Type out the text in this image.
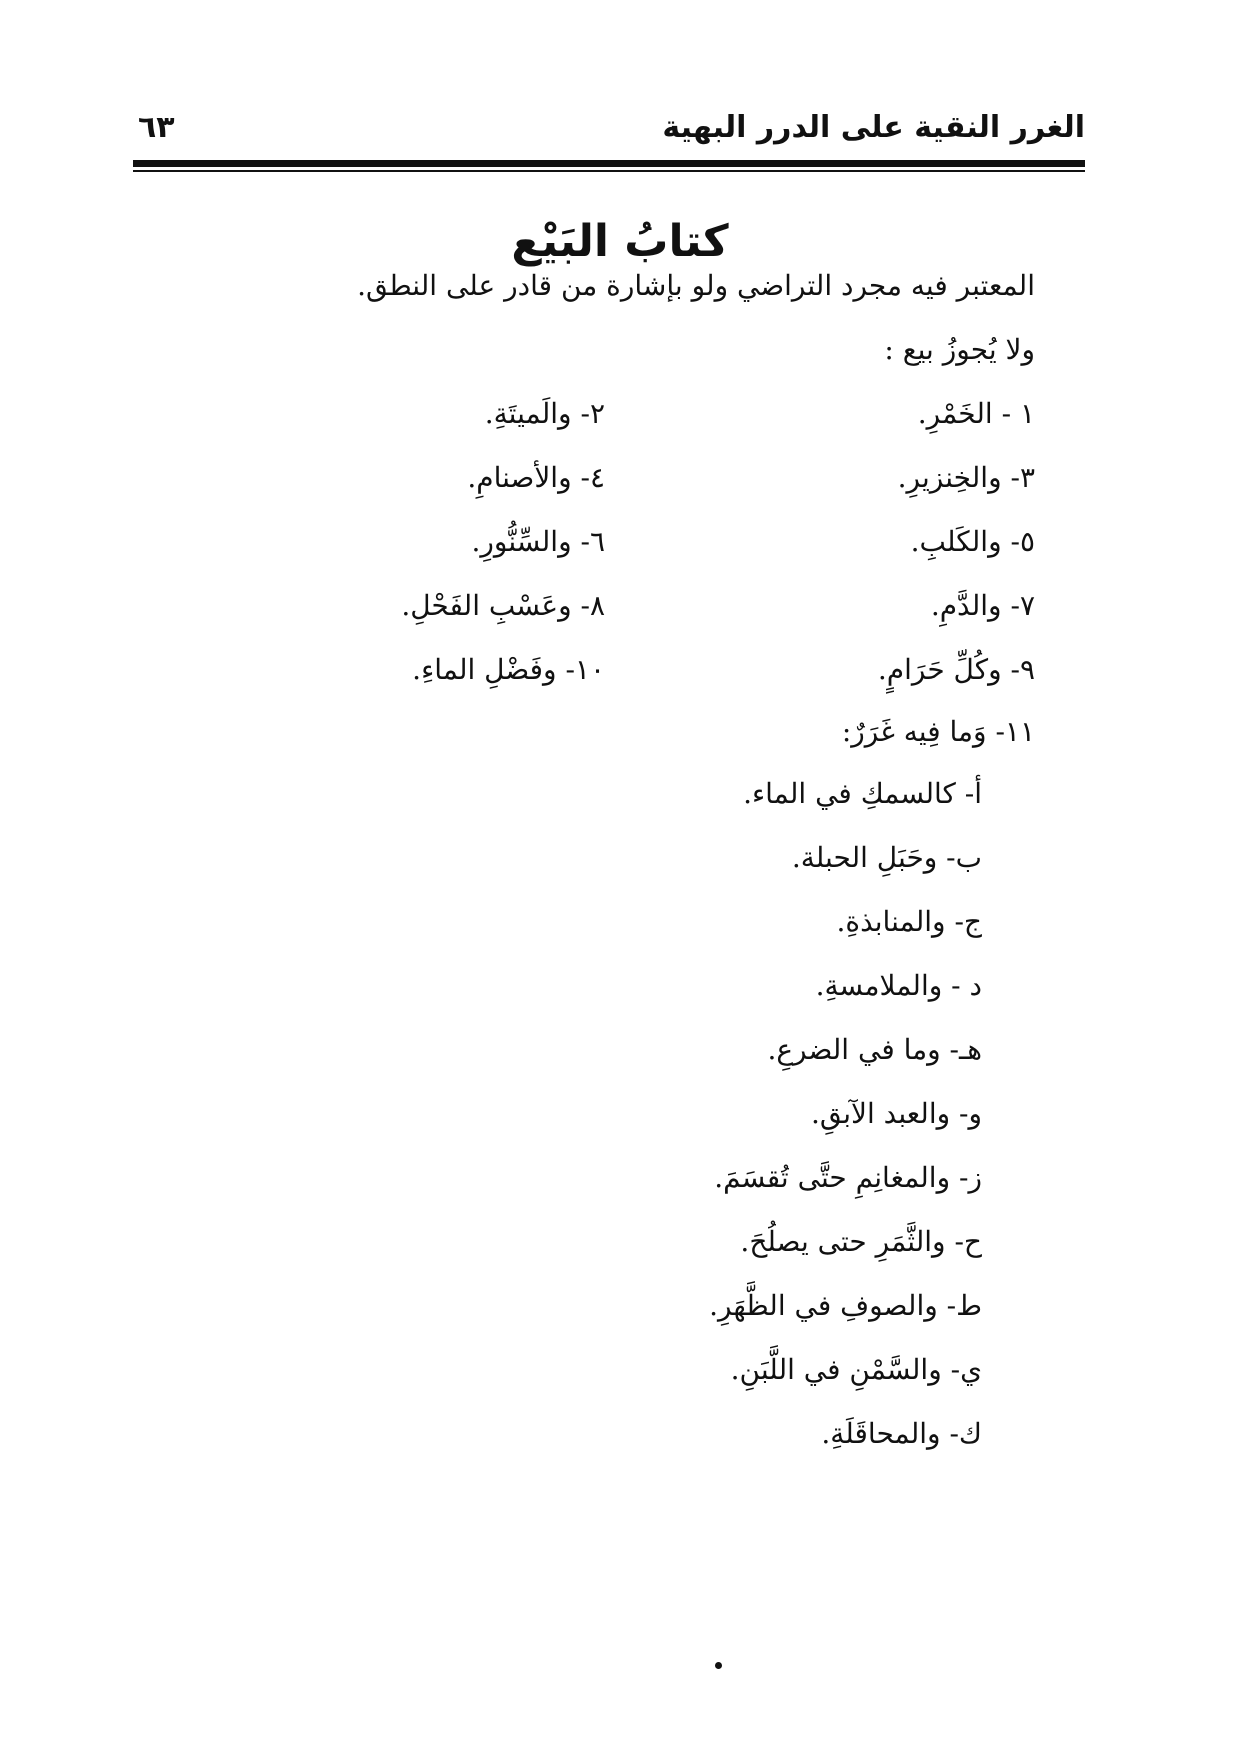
الغرر النقية على الدرر البهية
٦٣
كتابُ البَيْع
المعتبر فيه مجرد التراضي ولو بإشارة من قادر على النطق.
ولا يُجوزُ بيع :
١ - الخَمْرِ.
٢- والَميتَةِ.
٣- والخِنزيرِ.
٤- والأصنامِ.
٥- والكَلبِ.
٦- والسِّنُّورِ.
٧- والدَّمِ.
٨- وعَسْبِ الفَحْلِ.
٩- وكُلِّ حَرَامٍ.
١٠- وفَضْلِ الماءِ.
١١- وَما فِيه غَرَرٌ:
أ- كالسمكِ في الماء.
ب- وحَبَلِ الحبلة.
ج- والمنابذةِ.
د - والملامسةِ.
هـ- وما في الضرعِ.
و- والعبد الآبقِ.
ز- والمغانِمِ حتَّى تُقسَمَ.
ح- والثَّمَرِ حتى يصلُحَ.
ط- والصوفِ في الظَّهَرِ.
ي- والسَّمْنِ في اللَّبَنِ.
ك- والمحاقَلَةِ.
